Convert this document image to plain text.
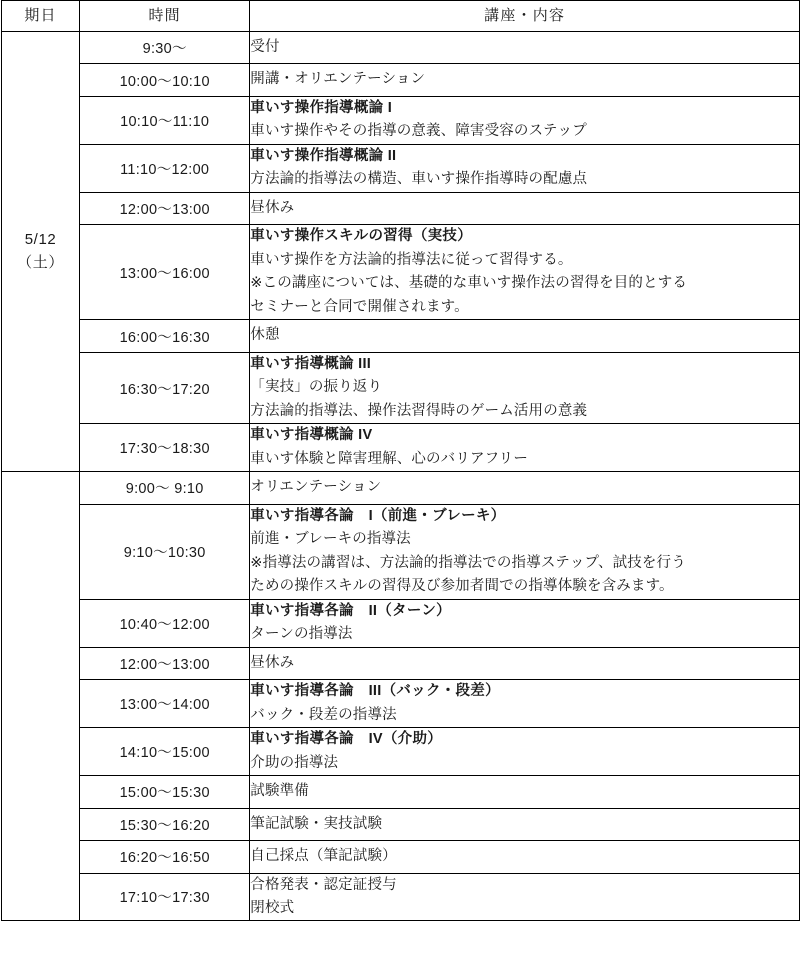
期日	時間	講座・内容

5/12
（土）	9:30〜	受付

	10:00〜10:10	開講・オリエンテーション

	10:10〜11:10	車いす操作指導概論 I
車いす操作やその指導の意義、障害受容のステップ

	11:10〜12:00	車いす操作指導概論 II
方法論的指導法の構造、車いす操作指導時の配慮点

	12:00〜13:00	昼休み

	13:00〜16:00	車いす操作スキルの習得（実技）
車いす操作を方法論的指導法に従って習得する。
※この講座については、基礎的な車いす操作法の習得を目的とする
セミナーと合同で開催されます。

	16:00〜16:30	休憩

	16:30〜17:20	車いす指導概論 III
「実技」の振り返り
方法論的指導法、操作法習得時のゲーム活用の意義

	17:30〜18:30	車いす指導概論 IV
車いす体験と障害理解、心のバリアフリー

	9:00〜 9:10	オリエンテーション

	9:10〜10:30	車いす指導各論　I（前進・ブレーキ）
前進・ブレーキの指導法
※指導法の講習は、方法論的指導法での指導ステップ、試技を行う
ための操作スキルの習得及び参加者間での指導体験を含みます。

	10:40〜12:00	車いす指導各論　II（ターン）
ターンの指導法

	12:00〜13:00	昼休み

	13:00〜14:00	車いす指導各論　III（バック・段差）
バック・段差の指導法

	14:10〜15:00	車いす指導各論　IV（介助）
介助の指導法

	15:00〜15:30	試験準備

	15:30〜16:20	筆記試験・実技試験

	16:20〜16:50	自己採点（筆記試験）

	17:10〜17:30	合格発表・認定証授与
閉校式
